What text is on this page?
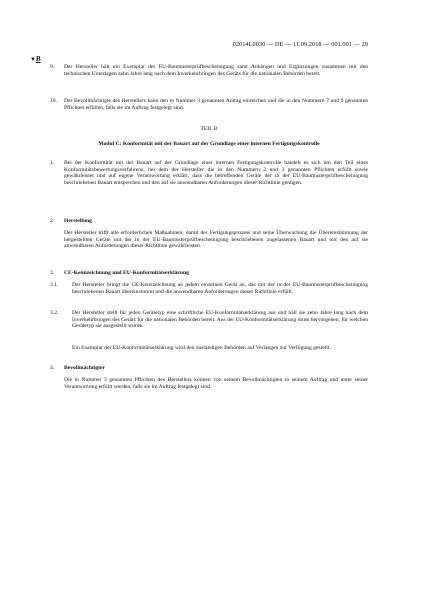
02014L0030 — DE — 11.09.2018 — 001.001 — 29
▼B
9.	Der Hersteller hält ein Exemplar der EU-Baumusterprüfbescheinigung samt Anhängen und Ergänzungen zusammen mit den technischen Unterlagen zehn Jahre lang nach dem Inverkehrbringen des Geräts für die nationalen Behörden bereit.
10.	Der Bevollmächtigte des Herstellers kann den in Nummer 3 genannten Antrag einreichen und die in den Nummern 7 und 9 genannten Pflichten erfüllen, falls sie im Auftrag festgelegt sind.
TEIL B
Modul C: Konformität mit der Bauart auf der Grundlage einer internen Fertigungskontrolle
1.	Bei der Konformität mit der Bauart auf der Grundlage einer internen Fertigungskontrolle handelt es sich um den Teil eines Konformitätsbewertungsverfahrens, bei dem der Hersteller die in den Nummern 2 und 3 genannten Pflichten erfüllt sowie gewährleistet und auf eigene Verantwortung erklärt, dass die betreffenden Geräte der in der EU-Baumusterprüfbescheinigung beschriebenen Bauart entsprechen und den auf sie anwendbaren Anforderungen dieser Richtlinie genügen.
2.	Herstellung
Der Hersteller trifft alle erforderlichen Maßnahmen, damit der Fertigungsprozess und seine Überwachung die Übereinstimmung der hergestellten Geräte mit der in der EU-Baumusterprüfbescheinigung beschriebenen zugelassenen Bauart und mit den auf sie anwendbaren Anforderungen dieser Richtlinie gewährleisten.
3.	CE-Kennzeichnung und EU-Konformitätserklärung
3.1.	Der Hersteller bringt die CE-Kennzeichnung an jedem einzelnen Gerät an, das mit der in der EU-Baumusterprüfbescheinigung beschriebenen Bauart übereinstimmt und die anwendbaren Anforderungen dieser Richtlinie erfüllt.
3.2.	Der Hersteller stellt für jeden Gerätetyp eine schriftliche EU-Konformitätserklärung aus und hält sie zehn Jahre lang nach dem Inverkehrbringen des Geräts für die nationalen Behörden bereit. Aus der EU-Konformitätserklärung muss hervorgehen, für welchen Gerätetyp sie ausgestellt wurde.
Ein Exemplar der EU-Konformitätserklärung wird den zuständigen Behörden auf Verlangen zur Verfügung gestellt.
4.	Bevollmächtigter
Die in Nummer 3 genannten Pflichten des Herstellers können von seinem Bevollmächtigten in seinem Auftrag und unter seiner Verantwortung erfüllt werden, falls sie im Auftrag festgelegt sind.
